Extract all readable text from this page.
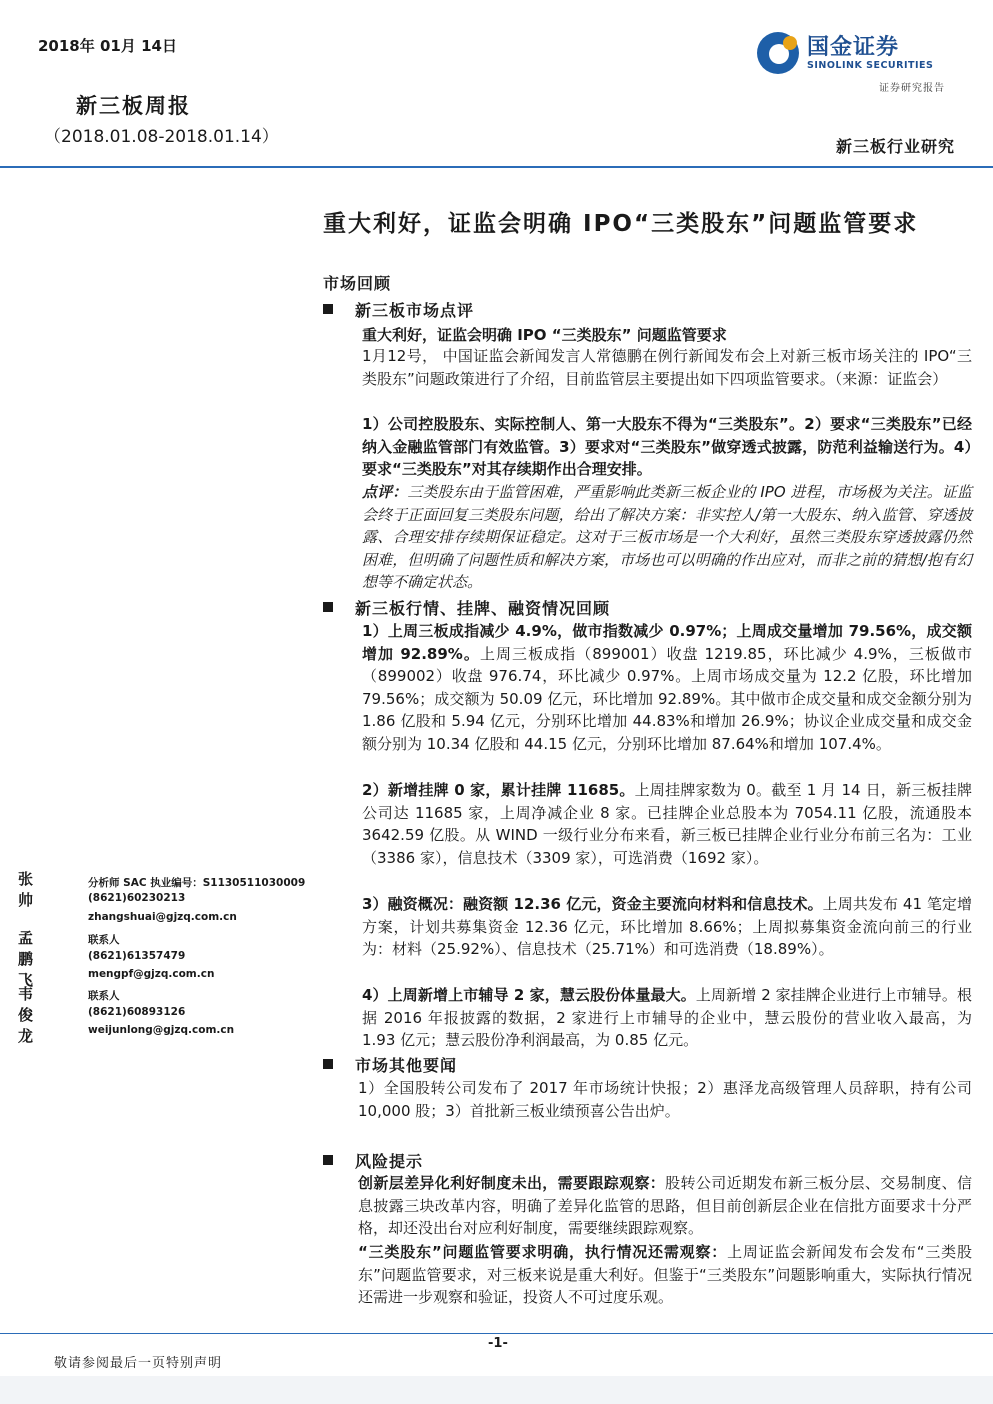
2018年 01月 14日
新三板周报
（2018.01.08-2018.01.14）
国金证券
SINOLINK SECURITIES
证券研究报告
新三板行业研究
重大利好，证监会明确 IPO“三类股东”问题监管要求
市场回顾
新三板市场点评
重大利好，证监会明确 IPO “三类股东” 问题监管要求
1月12号， 中国证监会新闻发言人常德鹏在例行新闻发布会上对新三板市场关注的 IPO“三类股东”问题政策进行了介绍，目前监管层主要提出如下四项监管要求。（来源：证监会）
1）公司控股股东、实际控制人、第一大股东不得为“三类股东”。2）要求“三类股东”已经纳入金融监管部门有效监管。3）要求对“三类股东”做穿透式披露，防范利益输送行为。4）要求“三类股东”对其存续期作出合理安排。
点评：三类股东由于监管困难，严重影响此类新三板企业的 IPO 进程，市场极为关注。证监会终于正面回复三类股东问题，给出了解决方案：非实控人/第一大股东、纳入监管、穿透披露、合理安排存续期保证稳定。这对于三板市场是一个大利好，虽然三类股东穿透披露仍然困难，但明确了问题性质和解决方案，市场也可以明确的作出应对，而非之前的猜想/抱有幻想等不确定状态。
新三板行情、挂牌、融资情况回顾
1）上周三板成指减少 4.9%，做市指数减少 0.97%；上周成交量增加 79.56%，成交额增加 92.89%。上周三板成指（899001）收盘 1219.85，环比减少 4.9%，三板做市（899002）收盘 976.74，环比减少 0.97%。上周市场成交量为 12.2 亿股，环比增加 79.56%；成交额为 50.09 亿元，环比增加 92.89%。其中做市企成交量和成交金额分别为 1.86 亿股和 5.94 亿元，分别环比增加 44.83%和增加 26.9%；协议企业成交量和成交金额分别为 10.34 亿股和 44.15 亿元，分别环比增加 87.64%和增加 107.4%。
2）新增挂牌 0 家，累计挂牌 11685。上周挂牌家数为 0。截至 1 月 14 日，新三板挂牌公司达 11685 家，上周净减企业 8 家。已挂牌企业总股本为 7054.11 亿股，流通股本 3642.59 亿股。从 WIND 一级行业分布来看，新三板已挂牌企业行业分布前三名为：工业（3386 家），信息技术（3309 家），可选消费（1692 家）。
3）融资概况：融资额 12.36 亿元，资金主要流向材料和信息技术。上周共发布 41 笔定增方案，计划共募集资金 12.36 亿元，环比增加 8.66%；上周拟募集资金流向前三的行业为：材料（25.92%）、信息技术（25.71%）和可选消费（18.89%）。
4）上周新增上市辅导 2 家，慧云股份体量最大。上周新增 2 家挂牌企业进行上市辅导。根据 2016 年报披露的数据，2 家进行上市辅导的企业中，慧云股份的营业收入最高，为 1.93 亿元；慧云股份净利润最高，为 0.85 亿元。
市场其他要闻
1）全国股转公司发布了 2017 年市场统计快报；2）惠泽龙高级管理人员辞职，持有公司 10,000 股；3）首批新三板业绩预喜公告出炉。
风险提示
创新层差异化利好制度未出，需要跟踪观察：股转公司近期发布新三板分层、交易制度、信息披露三块改革内容，明确了差异化监管的思路，但目前创新层企业在信批方面要求十分严格，却还没出台对应利好制度，需要继续跟踪观察。
“三类股东”问题监管要求明确，执行情况还需观察：上周证监会新闻发布会发布“三类股东”问题监管要求，对三板来说是重大利好。但鉴于“三类股东”问题影响重大，实际执行情况还需进一步观察和验证，投资人不可过度乐观。
张帅
分析师 SAC 执业编号：S1130511030009
(8621)60230213
zhangshuai@gjzq.com.cn
孟鹏飞
联系人
(8621)61357479
mengpf@gjzq.com.cn
韦俊龙
联系人
(8621)60893126
weijunlong@gjzq.com.cn
-1-
敬请参阅最后一页特别声明
